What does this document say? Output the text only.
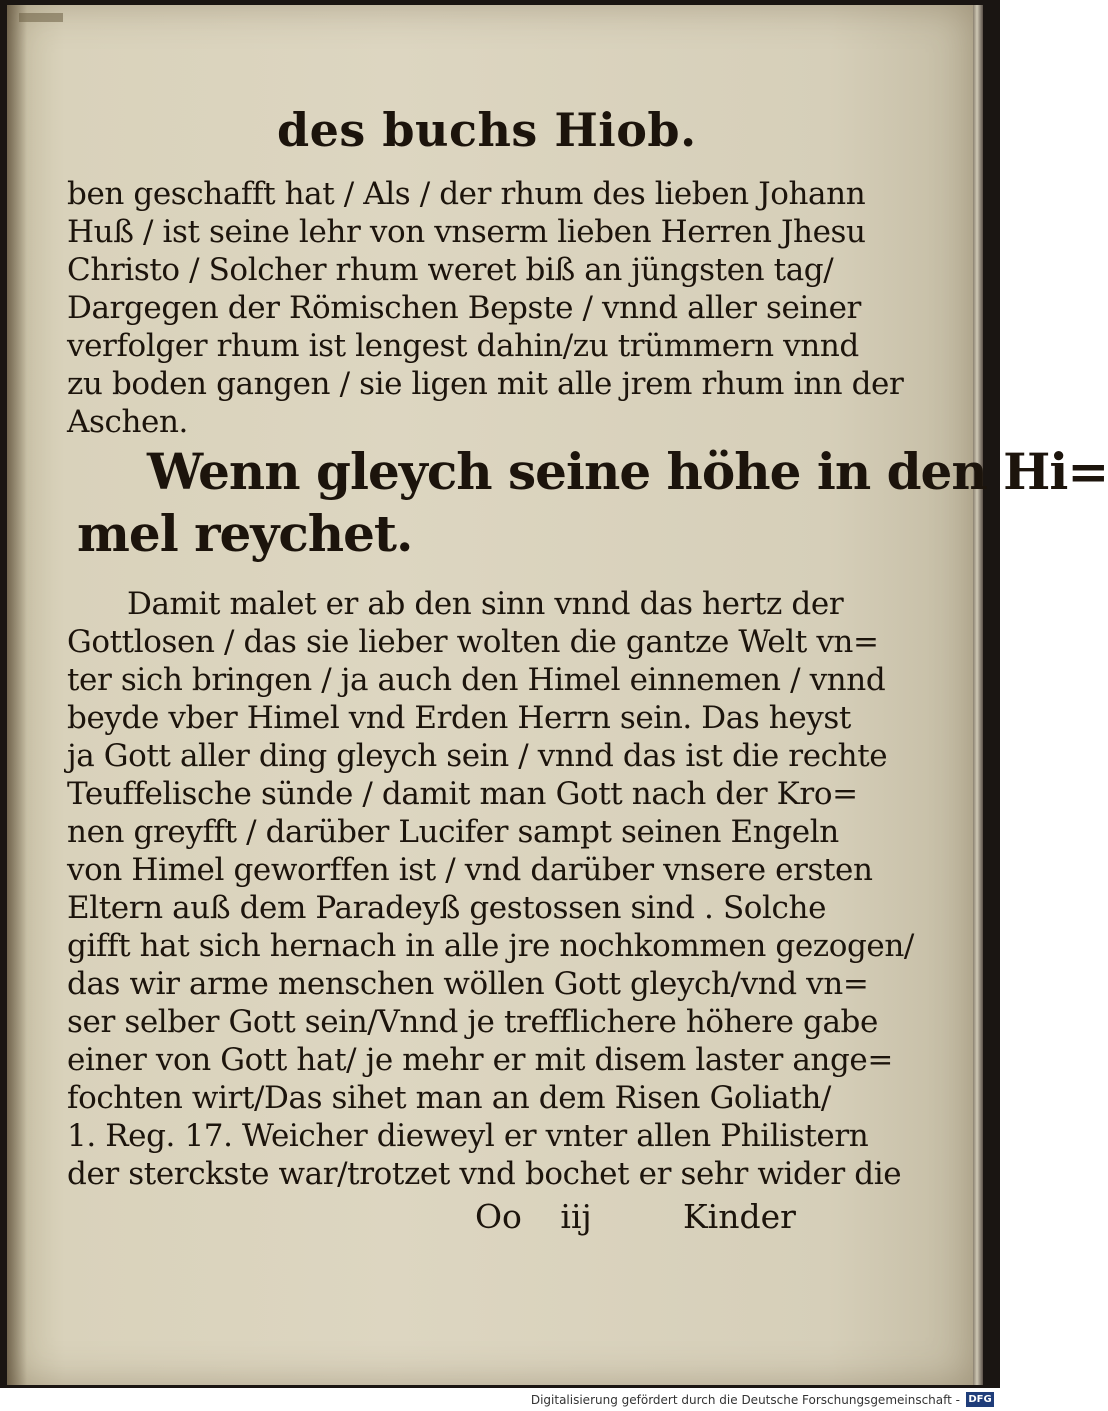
des buchs Hiob.
ben geschafft hat / Als / der rhum des lieben Johann
Huß / ist seine lehr von vnserm lieben Herren Jhesu
Christo / Solcher rhum weret biß an jüngsten tag/
Dargegen der Römischen Bepste / vnnd aller seiner
verfolger rhum ist lengest dahin/zu trümmern vnnd
zu boden gangen / sie ligen mit alle jrem rhum inn der
Aschen.
Wenn gleych seine höhe in den Hi=
mel reychet.
Damit malet er ab den sinn vnnd das hertz der
Gottlosen / das sie lieber wolten die gantze Welt vn=
ter sich bringen / ja auch den Himel einnemen / vnnd
beyde vber Himel vnd Erden Herrn sein. Das heyst
ja Gott aller ding gleych sein / vnnd das ist die rechte
Teuffelische sünde / damit man Gott nach der Kro=
nen greyfft / darüber Lucifer sampt seinen Engeln
von Himel geworffen ist / vnd darüber vnsere ersten
Eltern auß dem Paradeyß gestossen sind . Solche
gifft hat sich hernach in alle jre nochkommen gezogen/
das wir arme menschen wöllen Gott gleych/vnd vn=
ser selber Gott sein/Vnnd je trefflichere höhere gabe
einer von Gott hat/ je mehr er mit disem laster ange=
fochten wirt/Das sihet man an dem Risen Goliath/
1. Reg. 17. Weicher dieweyl er vnter allen Philistern
der sterckste war/trotzet vnd bochet er sehr wider die
Oo iij	Kinder
Digitalisierung gefördert durch die Deutsche Forschungsgemeinschaft - DFG
